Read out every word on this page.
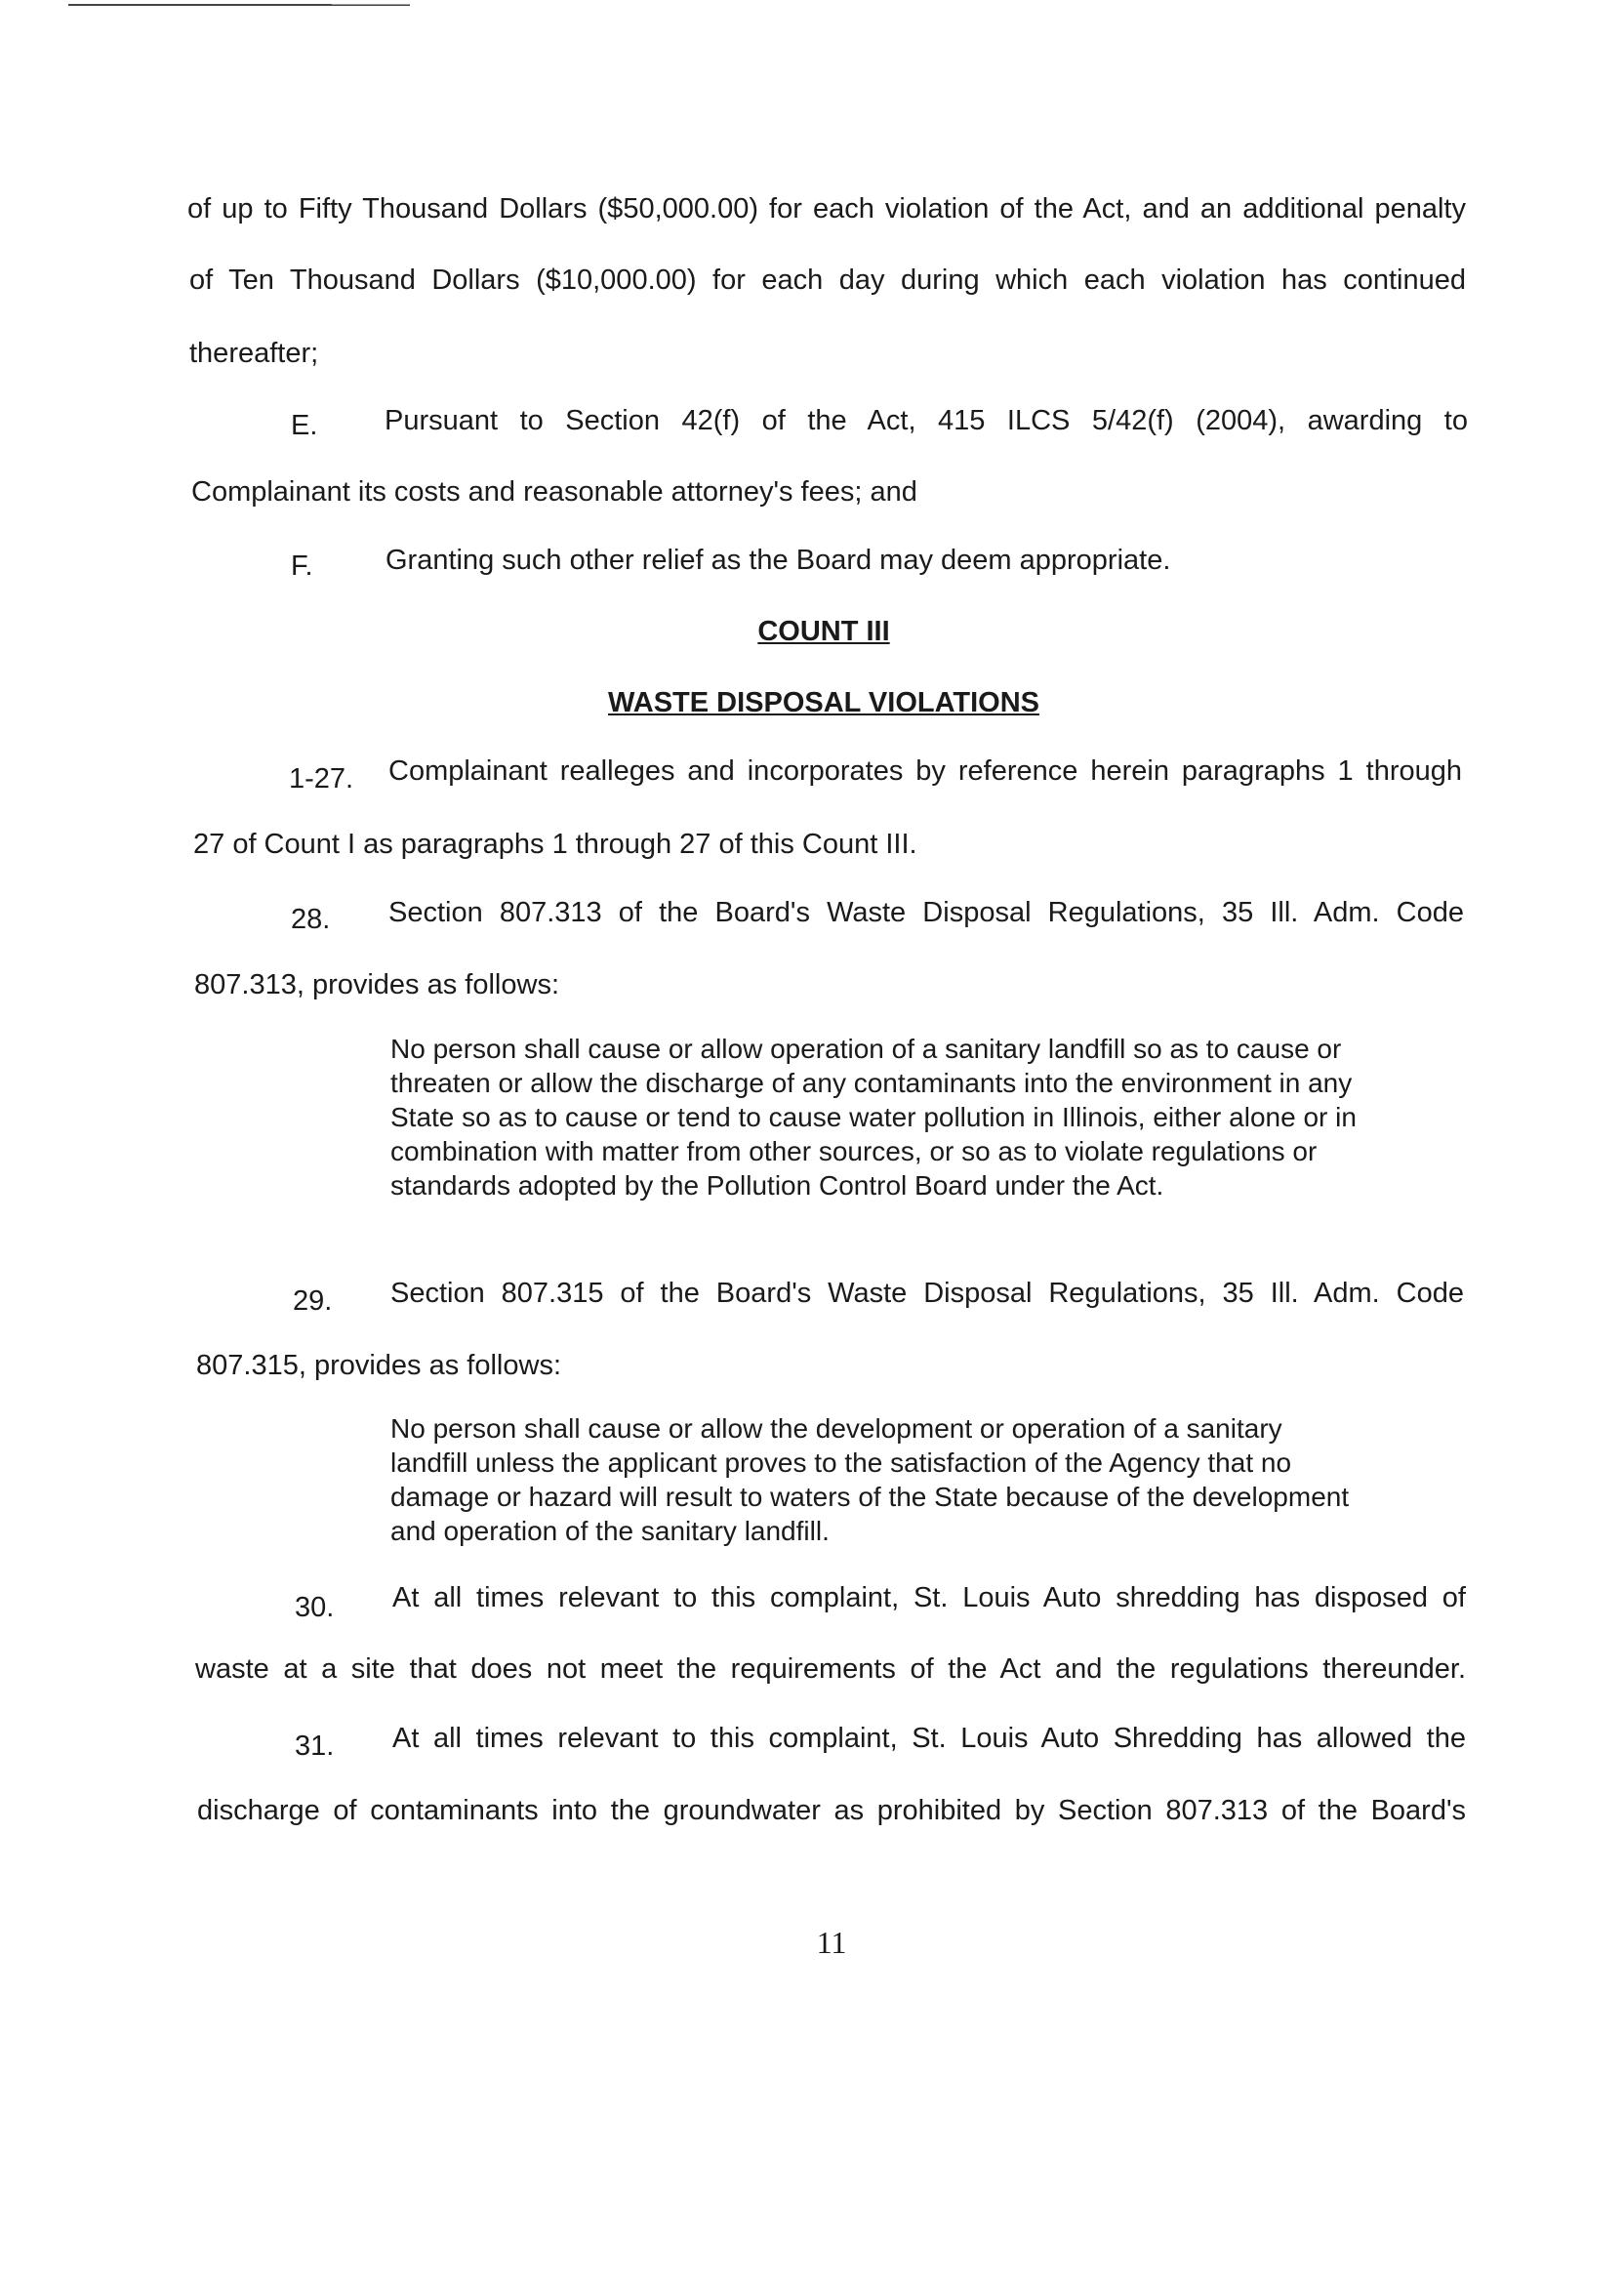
of up to Fifty Thousand Dollars ($50,000.00) for each violation of the Act, and an additional penalty
of Ten Thousand Dollars ($10,000.00) for each day during which each violation has continued
thereafter;
E. Pursuant to Section 42(f) of the Act, 415 ILCS 5/42(f) (2004), awarding to
Complainant its costs and reasonable attorney's fees; and
F.	Granting such other relief as the Board may deem appropriate.
COUNT III
WASTE DISPOSAL VIOLATIONS
1-27. Complainant realleges and incorporates by reference herein paragraphs 1 through
27 of Count I as paragraphs 1 through 27 of this Count III.
28. Section 807.313 of the Board's Waste Disposal Regulations, 35 Ill. Adm. Code
807.313, provides as follows:
No person shall cause or allow operation of a sanitary landfill so as to cause or threaten or allow the discharge of any contaminants into the environment in any State so as to cause or tend to cause water pollution in Illinois, either alone or in combination with matter from other sources, or so as to violate regulations or standards adopted by the Pollution Control Board under the Act.
29. Section 807.315 of the Board's Waste Disposal Regulations, 35 Ill. Adm. Code
807.315, provides as follows:
No person shall cause or allow the development or operation of a sanitary landfill unless the applicant proves to the satisfaction of the Agency that no damage or hazard will result to waters of the State because of the development and operation of the sanitary landfill.
30. At all times relevant to this complaint, St. Louis Auto shredding has disposed of
waste at a site that does not meet the requirements of the Act and the regulations thereunder.
31. At all times relevant to this complaint, St. Louis Auto Shredding has allowed the
discharge of contaminants into the groundwater as prohibited by Section 807.313 of the Board's
11
